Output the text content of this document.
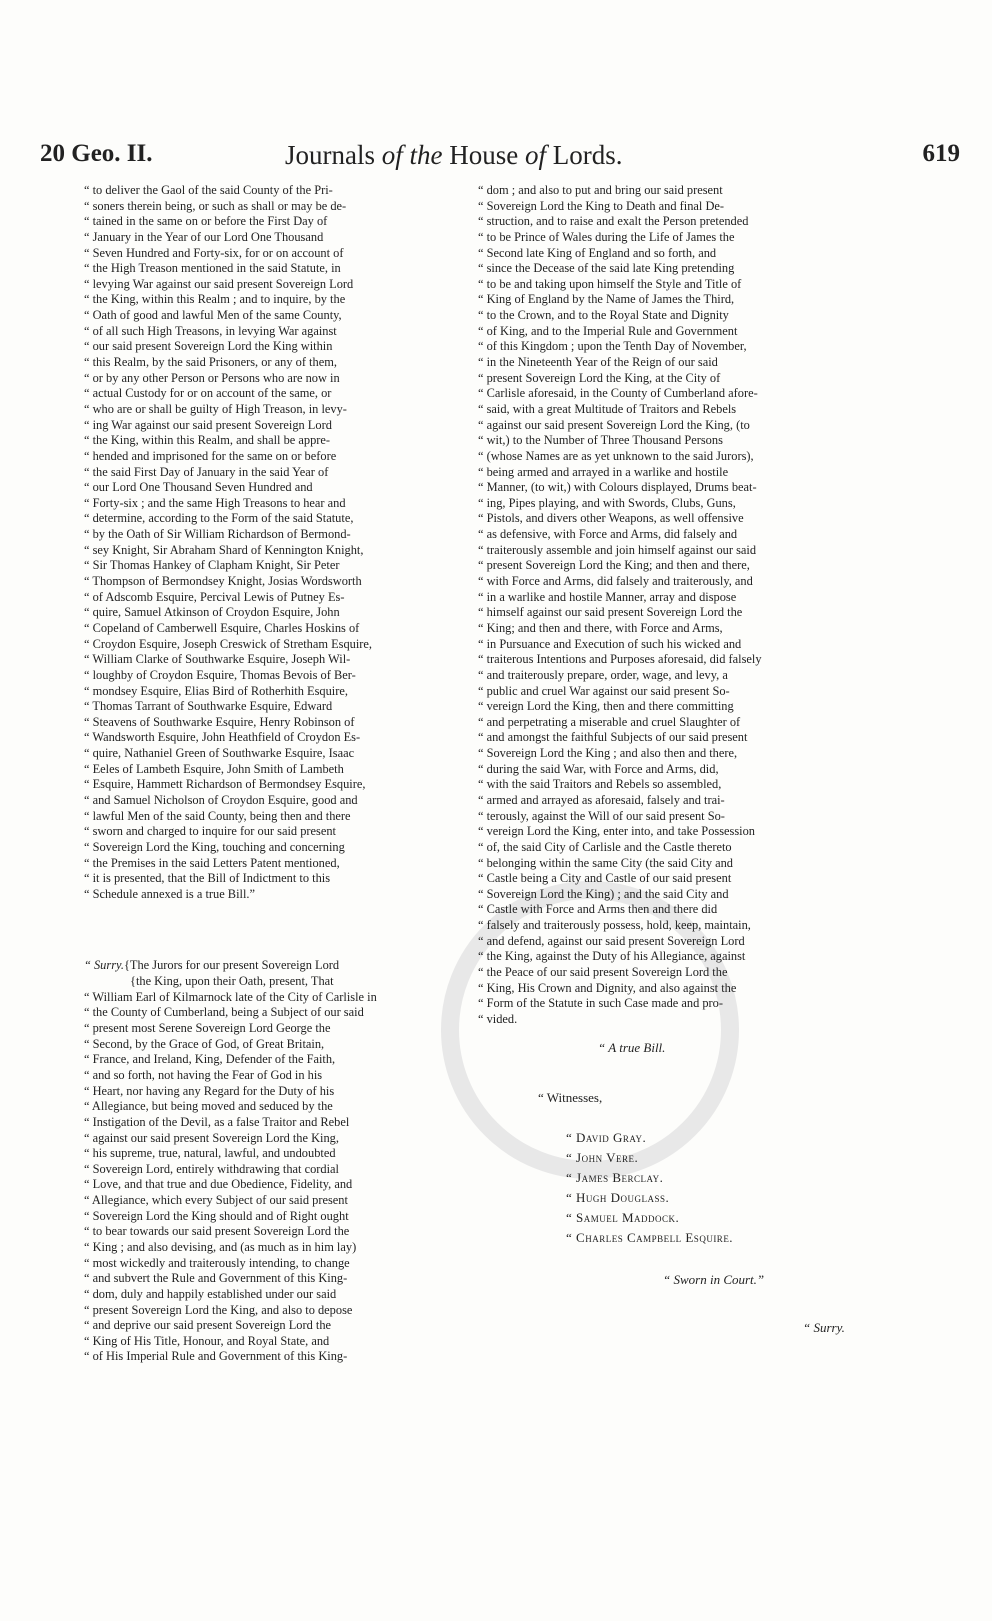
20 Geo. II.	Journals of the House of Lords.	619
“ to deliver the Gaol of the said County of the Pri-
“ soners therein being, or such as shall or may be de-
“ tained in the same on or before the First Day of
“ January in the Year of our Lord One Thousand
“ Seven Hundred and Forty-six, for or on account of
“ the High Treason mentioned in the said Statute, in
“ levying War against our said present Sovereign Lord
“ the King, within this Realm ; and to inquire, by the
“ Oath of good and lawful Men of the same County,
“ of all such High Treasons, in levying War against
“ our said present Sovereign Lord the King within
“ this Realm, by the said Prisoners, or any of them,
“ or by any other Person or Persons who are now in
“ actual Custody for or on account of the same, or
“ who are or shall be guilty of High Treason, in levy-
“ ing War against our said present Sovereign Lord
“ the King, within this Realm, and shall be appre-
“ hended and imprisoned for the same on or before
“ the said First Day of January in the said Year of
“ our Lord One Thousand Seven Hundred and
“ Forty-six ; and the same High Treasons to hear and
“ determine, according to the Form of the said Statute,
“ by the Oath of Sir William Richardson of Bermond-
“ sey Knight, Sir Abraham Shard of Kennington Knight,
“ Sir Thomas Hankey of Clapham Knight, Sir Peter
“ Thompson of Bermondsey Knight, Josias Wordsworth
“ of Adscomb Esquire, Percival Lewis of Putney Es-
“ quire, Samuel Atkinson of Croydon Esquire, John
“ Copeland of Camberwell Esquire, Charles Hoskins of
“ Croydon Esquire, Joseph Creswick of Stretham Esquire,
“ William Clarke of Southwarke Esquire, Joseph Wil-
“ loughby of Croydon Esquire, Thomas Bevois of Ber-
“ mondsey Esquire, Elias Bird of Rotherhith Esquire,
“ Thomas Tarrant of Southwarke Esquire, Edward
“ Steavens of Southwarke Esquire, Henry Robinson of
“ Wandsworth Esquire, John Heathfield of Croydon Es-
“ quire, Nathaniel Green of Southwarke Esquire, Isaac
“ Eeles of Lambeth Esquire, John Smith of Lambeth
“ Esquire, Hammett Richardson of Bermondsey Esquire,
“ and Samuel Nicholson of Croydon Esquire, good and
“ lawful Men of the said County, being then and there
“ sworn and charged to inquire for our said present
“ Sovereign Lord the King, touching and concerning
“ the Premises in the said Letters Patent mentioned,
“ it is presented, that the Bill of Indictment to this
“ Schedule annexed is a true Bill.”
“ Surry.{The Jurors for our present Sovereign Lord
{the King, upon their Oath, present, That
“ William Earl of Kilmarnock late of the City of Carlisle in
“ the County of Cumberland, being a Subject of our said
“ present most Serene Sovereign Lord George the
“ Second, by the Grace of God, of Great Britain,
“ France, and Ireland, King, Defender of the Faith,
“ and so forth, not having the Fear of God in his
“ Heart, nor having any Regard for the Duty of his
“ Allegiance, but being moved and seduced by the
“ Instigation of the Devil, as a false Traitor and Rebel
“ against our said present Sovereign Lord the King,
“ his supreme, true, natural, lawful, and undoubted
“ Sovereign Lord, entirely withdrawing that cordial
“ Love, and that true and due Obedience, Fidelity, and
“ Allegiance, which every Subject of our said present
“ Sovereign Lord the King should and of Right ought
“ to bear towards our said present Sovereign Lord the
“ King ; and also devising, and (as much as in him lay)
“ most wickedly and traiterously intending, to change
“ and subvert the Rule and Government of this King-
“ dom, duly and happily established under our said
“ present Sovereign Lord the King, and also to depose
“ and deprive our said present Sovereign Lord the
“ King of His Title, Honour, and Royal State, and
“ of His Imperial Rule and Government of this King-
“ dom ; and also to put and bring our said present
“ Sovereign Lord the King to Death and final De-
“ struction, and to raise and exalt the Person pretended
“ to be Prince of Wales during the Life of James the
“ Second late King of England and so forth, and
“ since the Decease of the said late King pretending
“ to be and taking upon himself the Style and Title of
“ King of England by the Name of James the Third,
“ to the Crown, and to the Royal State and Dignity
“ of King, and to the Imperial Rule and Government
“ of this Kingdom ; upon the Tenth Day of November,
“ in the Nineteenth Year of the Reign of our said
“ present Sovereign Lord the King, at the City of
“ Carlisle aforesaid, in the County of Cumberland afore-
“ said, with a great Multitude of Traitors and Rebels
“ against our said present Sovereign Lord the King, (to
“ wit,) to the Number of Three Thousand Persons
“ (whose Names are as yet unknown to the said Jurors),
“ being armed and arrayed in a warlike and hostile
“ Manner, (to wit,) with Colours displayed, Drums beat-
“ ing, Pipes playing, and with Swords, Clubs, Guns,
“ Pistols, and divers other Weapons, as well offensive
“ as defensive, with Force and Arms, did falsely and
“ traiterously assemble and join himself against our said
“ present Sovereign Lord the King; and then and there,
“ with Force and Arms, did falsely and traiterously, and
“ in a warlike and hostile Manner, array and dispose
“ himself against our said present Sovereign Lord the
“ King; and then and there, with Force and Arms,
“ in Pursuance and Execution of such his wicked and
“ traiterous Intentions and Purposes aforesaid, did falsely
“ and traiterously prepare, order, wage, and levy, a
“ public and cruel War against our said present So-
“ vereign Lord the King, then and there committing
“ and perpetrating a miserable and cruel Slaughter of
“ and amongst the faithful Subjects of our said present
“ Sovereign Lord the King ; and also then and there,
“ during the said War, with Force and Arms, did,
“ with the said Traitors and Rebels so assembled,
“ armed and arrayed as aforesaid, falsely and trai-
“ terously, against the Will of our said present So-
“ vereign Lord the King, enter into, and take Possession
“ of, the said City of Carlisle and the Castle thereto
“ belonging within the same City (the said City and
“ Castle being a City and Castle of our said present
“ Sovereign Lord the King) ; and the said City and
“ Castle with Force and Arms then and there did
“ falsely and traiterously possess, hold, keep, maintain,
“ and defend, against our said present Sovereign Lord
“ the King, against the Duty of his Allegiance, against
“ the Peace of our said present Sovereign Lord the
“ King, His Crown and Dignity, and also against the
“ Form of the Statute in such Case made and pro-
“ vided.
“ A true Bill.
“ Witnesses,
“ David Gray.
“ John Vere.
“ James Berclay.
“ Hugh Douglass.
“ Samuel Maddock.
“ Charles Campbell Esquire.
“ Sworn in Court.”
“ Surry.
